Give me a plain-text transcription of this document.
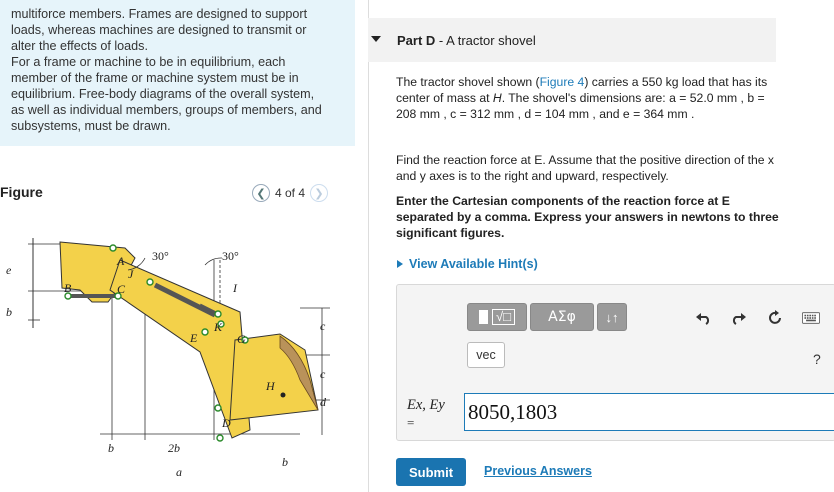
multiforce members. Frames are designed to support

loads, whereas machines are designed to transmit or

alter the effects of loads.

For a frame or machine to be in equilibrium, each

member of the frame or machine system must be in

equilibrium. Free-body diagrams of the overall system,

as well as individual members, groups of members, and

subsystems, must be drawn.

Figure	❮ 4 of 4 ❯
30°	30°
A
B	C
J
I
K
E	G
H
D
e
b
b	2b
a
b
c
c
d
Part D - A tractor shovel
The tractor shovel shown (Figure 4) carries a 550 kg load that has its center of mass at H. The shovel's dimensions are: a = 52.0 mm , b = 208 mm , c = 312 mm , d = 104 mm , and e = 364 mm .
Find the reaction force at E. Assume that the positive direction of the x and y axes is to the right and upward, respectively.
Enter the Cartesian components of the reaction force at E separated by a comma. Express your answers in newtons to three significant figures.
View Available Hint(s)
√□	ΑΣφ	↓↑
vec	?
Ex, Ey
=	8050,1803
Submit	Previous Answers
